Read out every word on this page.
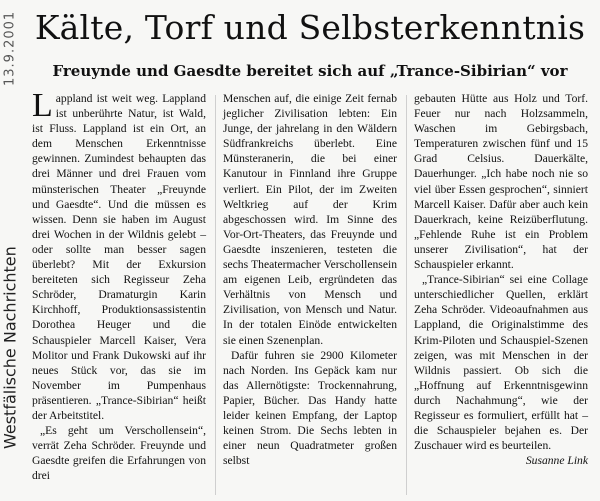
13.9.2001
Westfälische Nachrichten
Kälte, Torf und Selbsterkenntnis
Freuynde und Gaesdte bereitet sich auf „Trance-Sibirian“ vor

Lappland ist weit weg. Lappland ist unberührte Natur, ist Wald, ist Fluss. Lappland ist ein Ort, an dem Menschen Erkenntnisse gewinnen. Zumindest behaupten das drei Männer und drei Frauen vom münsterischen Theater „Freuynde und Gaesdte“. Und die müssen es wissen. Denn sie haben im August drei Wochen in der Wildnis gelebt – oder sollte man besser sagen überlebt? Mit der Exkursion bereiteten sich Regisseur Zeha Schröder, Dramaturgin Karin Kirchhoff, Produktionsassistentin Dorothea Heuger und die Schauspieler Marcell Kaiser, Vera Molitor und Frank Dukowski auf ihr neues Stück vor, das sie im November im Pumpenhaus präsentieren. „Trance-Sibirian“ heißt der Arbeitstitel.

„Es geht um Verschollensein“, verrät Zeha Schröder. Freuynde und Gaesdte greifen die Erfahrungen von drei

Menschen auf, die einige Zeit fernab jeglicher Zivilisation lebten: Ein Junge, der jahrelang in den Wäldern Südfrankreichs überlebt. Eine Münsteranerin, die bei einer Kanutour in Finnland ihre Gruppe verliert. Ein Pilot, der im Zweiten Weltkrieg auf der Krim abgeschossen wird. Im Sinne des Vor-Ort-Theaters, das Freuynde und Gaesdte inszenieren, testeten die sechs Theatermacher Verschollensein am eigenen Leib, ergründeten das Verhältnis von Mensch und Zivilisation, von Mensch und Natur. In der totalen Einöde entwickelten sie einen Szenenplan.

Dafür fuhren sie 2900 Kilometer nach Norden. Ins Gepäck kam nur das Allernötigste: Trockennahrung, Papier, Bücher. Das Handy hatte leider keinen Empfang, der Laptop keinen Strom. Die Sechs lebten in einer neun Quadratmeter großen selbst

gebauten Hütte aus Holz und Torf. Feuer nur nach Holzsammeln, Waschen im Gebirgsbach, Temperaturen zwischen fünf und 15 Grad Celsius. Dauerkälte, Dauerhunger. „Ich habe noch nie so viel über Essen gesprochen“, sinniert Marcell Kaiser. Dafür aber auch kein Dauerkrach, keine Reizüberflutung. „Fehlende Ruhe ist ein Problem unserer Zivilisation“, hat der Schauspieler erkannt.

„Trance-Sibirian“ sei eine Collage unterschiedlicher Quellen, erklärt Zeha Schröder. Videoaufnahmen aus Lappland, die Originalstimme des Krim-Piloten und Schauspiel-Szenen zeigen, was mit Menschen in der Wildnis passiert. Ob sich die „Hoffnung auf Erkenntnisgewinn durch Nachahmung“, wie der Regisseur es formuliert, erfüllt hat – die Schauspieler bejahen es. Der Zuschauer wird es beurteilen.

Susanne Link
